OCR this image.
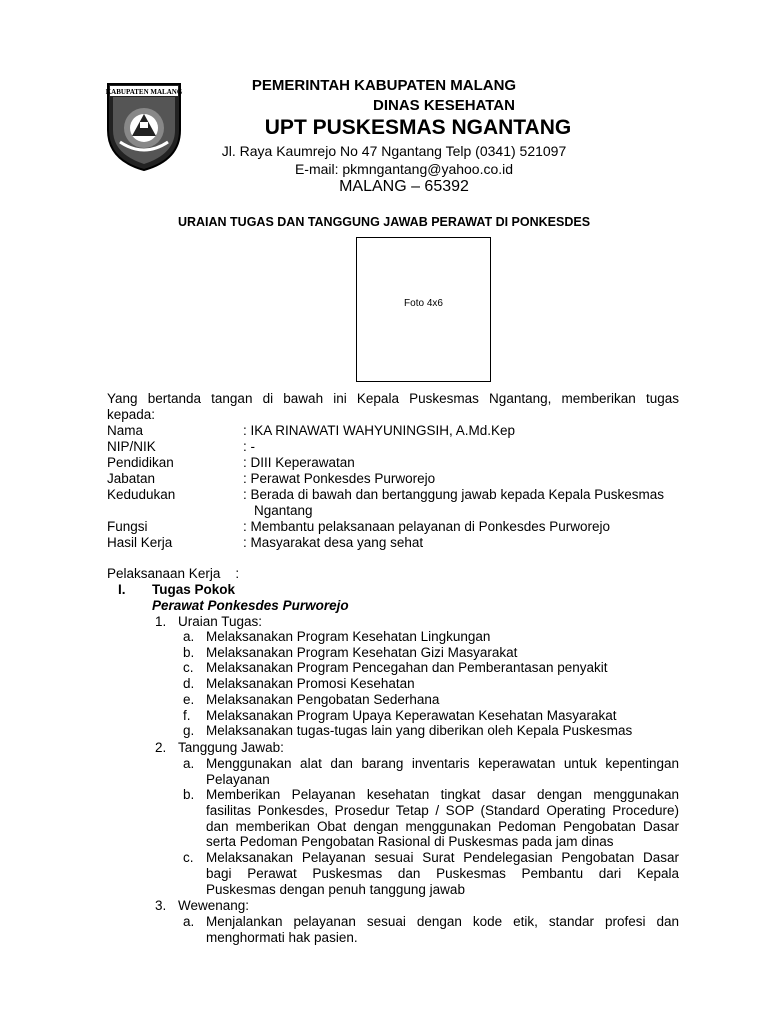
KABUPATEN MALANG	PEMERINTAH KABUPATEN MALANG
DINAS KESEHATAN
UPT PUSKESMAS NGANTANG
Jl. Raya Kaumrejo No 47 Ngantang Telp (0341) 521097
E-mail: pkmngantang@yahoo.co.id
MALANG – 65392
URAIAN TUGAS DAN TANGGUNG JAWAB PERAWAT DI PONKESDES
Foto 4x6
Yang bertanda tangan di bawah ini Kepala Puskesmas Ngantang, memberikan tugas
kepada:
Nama	: IKA RINAWATI WAHYUNINGSIH, A.Md.Kep
NIP/NIK	: -
Pendidikan	: DIII Keperawatan
Jabatan	: Perawat Ponkesdes Purworejo
Kedudukan	: Berada di bawah dan bertanggung jawab kepada Kepala Puskesmas
Ngantang
Fungsi	: Membantu pelaksanaan pelayanan di Ponkesdes Purworejo
Hasil Kerja	: Masyarakat desa yang sehat
Pelaksanaan Kerja    :
I. Tugas Pokok
Perawat Ponkesdes Purworejo
1. Uraian Tugas:
a. Melaksanakan Program Kesehatan Lingkungan
b. Melaksanakan Program Kesehatan Gizi Masyarakat
c. Melaksanakan Program Pencegahan dan Pemberantasan penyakit
d. Melaksanakan Promosi Kesehatan
e. Melaksanakan Pengobatan Sederhana
f. Melaksanakan Program Upaya Keperawatan Kesehatan Masyarakat
g. Melaksanakan tugas-tugas lain yang diberikan oleh Kepala Puskesmas
2. Tanggung Jawab:
a. Menggunakan alat dan barang inventaris keperawatan untuk kepentingan
Pelayanan
b. Memberikan Pelayanan kesehatan tingkat dasar dengan menggunakan
fasilitas Ponkesdes, Prosedur Tetap / SOP (Standard Operating Procedure)
dan memberikan Obat dengan menggunakan Pedoman Pengobatan Dasar
serta Pedoman Pengobatan Rasional di Puskesmas pada jam dinas
c. Melaksanakan Pelayanan sesuai Surat Pendelegasian Pengobatan Dasar
bagi Perawat Puskesmas dan Puskesmas Pembantu dari Kepala
Puskesmas dengan penuh tanggung jawab
3. Wewenang:
a. Menjalankan pelayanan sesuai dengan kode etik, standar profesi dan
menghormati hak pasien.
